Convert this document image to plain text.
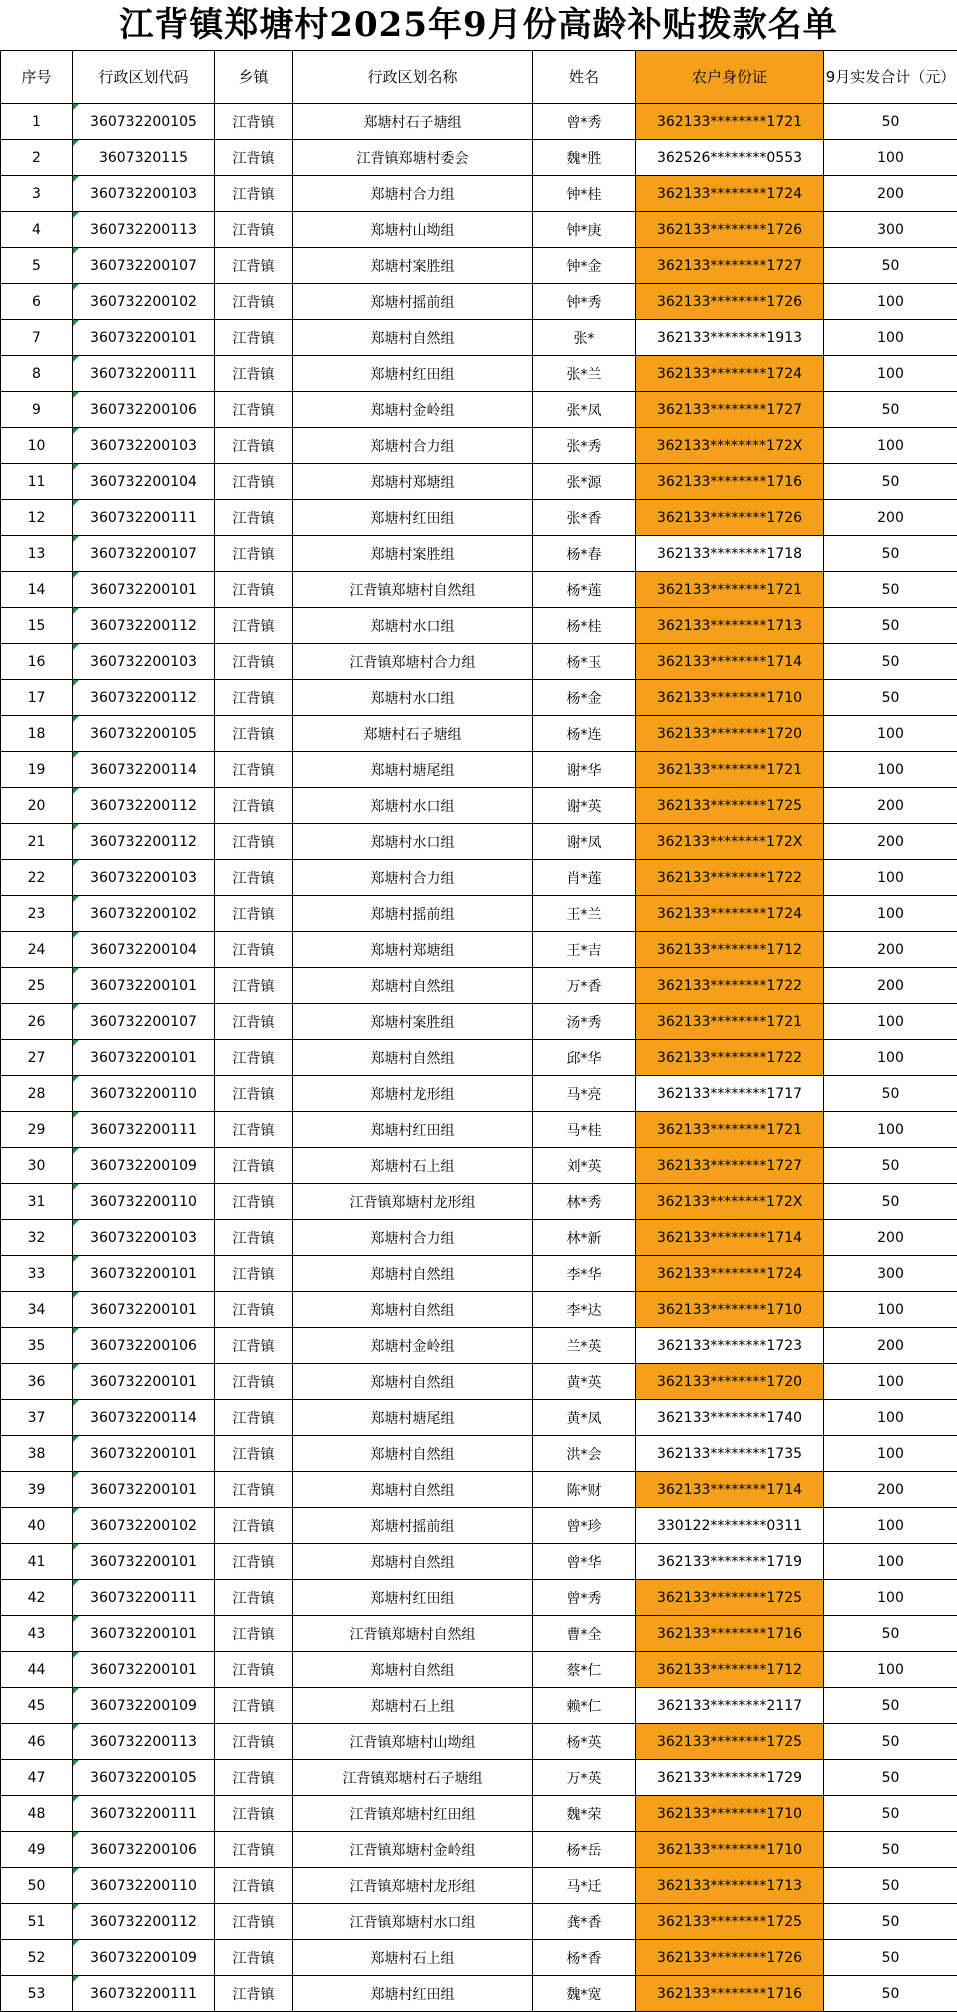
江背镇郑塘村2025年9月份高龄补贴拨款名单
序号	行政区划代码	乡镇	行政区划名称	姓名	农户身份证	9月实发合计（元）
1	360732200105	江背镇	郑塘村石子塘组	曾*秀	362133********1721	50
2	3607320115	江背镇	江背镇郑塘村委会	魏*胜	362526********0553	100
3	360732200103	江背镇	郑塘村合力组	钟*桂	362133********1724	200
4	360732200113	江背镇	郑塘村山坳组	钟*庚	362133********1726	300
5	360732200107	江背镇	郑塘村案胜组	钟*金	362133********1727	50
6	360732200102	江背镇	郑塘村摇前组	钟*秀	362133********1726	100
7	360732200101	江背镇	郑塘村自然组	张*	362133********1913	100
8	360732200111	江背镇	郑塘村红田组	张*兰	362133********1724	100
9	360732200106	江背镇	郑塘村金岭组	张*凤	362133********1727	50
10	360732200103	江背镇	郑塘村合力组	张*秀	362133********172X	100
11	360732200104	江背镇	郑塘村郑塘组	张*源	362133********1716	50
12	360732200111	江背镇	郑塘村红田组	张*香	362133********1726	200
13	360732200107	江背镇	郑塘村案胜组	杨*春	362133********1718	50
14	360732200101	江背镇	江背镇郑塘村自然组	杨*莲	362133********1721	50
15	360732200112	江背镇	郑塘村水口组	杨*桂	362133********1713	50
16	360732200103	江背镇	江背镇郑塘村合力组	杨*玉	362133********1714	50
17	360732200112	江背镇	郑塘村水口组	杨*金	362133********1710	50
18	360732200105	江背镇	郑塘村石子塘组	杨*连	362133********1720	100
19	360732200114	江背镇	郑塘村塘尾组	谢*华	362133********1721	100
20	360732200112	江背镇	郑塘村水口组	谢*英	362133********1725	200
21	360732200112	江背镇	郑塘村水口组	谢*凤	362133********172X	200
22	360732200103	江背镇	郑塘村合力组	肖*莲	362133********1722	100
23	360732200102	江背镇	郑塘村摇前组	王*兰	362133********1724	100
24	360732200104	江背镇	郑塘村郑塘组	王*吉	362133********1712	200
25	360732200101	江背镇	郑塘村自然组	万*香	362133********1722	200
26	360732200107	江背镇	郑塘村案胜组	汤*秀	362133********1721	100
27	360732200101	江背镇	郑塘村自然组	邱*华	362133********1722	100
28	360732200110	江背镇	郑塘村龙形组	马*亮	362133********1717	50
29	360732200111	江背镇	郑塘村红田组	马*桂	362133********1721	100
30	360732200109	江背镇	郑塘村石上组	刘*英	362133********1727	50
31	360732200110	江背镇	江背镇郑塘村龙形组	林*秀	362133********172X	50
32	360732200103	江背镇	郑塘村合力组	林*新	362133********1714	200
33	360732200101	江背镇	郑塘村自然组	李*华	362133********1724	300
34	360732200101	江背镇	郑塘村自然组	李*达	362133********1710	100
35	360732200106	江背镇	郑塘村金岭组	兰*英	362133********1723	200
36	360732200101	江背镇	郑塘村自然组	黄*英	362133********1720	100
37	360732200114	江背镇	郑塘村塘尾组	黄*凤	362133********1740	100
38	360732200101	江背镇	郑塘村自然组	洪*会	362133********1735	100
39	360732200101	江背镇	郑塘村自然组	陈*财	362133********1714	200
40	360732200102	江背镇	郑塘村摇前组	曾*珍	330122********0311	100
41	360732200101	江背镇	郑塘村自然组	曾*华	362133********1719	100
42	360732200111	江背镇	郑塘村红田组	曾*秀	362133********1725	100
43	360732200101	江背镇	江背镇郑塘村自然组	曹*全	362133********1716	50
44	360732200101	江背镇	郑塘村自然组	蔡*仁	362133********1712	100
45	360732200109	江背镇	郑塘村石上组	赖*仁	362133********2117	50
46	360732200113	江背镇	江背镇郑塘村山坳组	杨*英	362133********1725	50
47	360732200105	江背镇	江背镇郑塘村石子塘组	万*英	362133********1729	50
48	360732200111	江背镇	江背镇郑塘村红田组	魏*荣	362133********1710	50
49	360732200106	江背镇	江背镇郑塘村金岭组	杨*岳	362133********1710	50
50	360732200110	江背镇	江背镇郑塘村龙形组	马*迁	362133********1713	50
51	360732200112	江背镇	江背镇郑塘村水口组	龚*香	362133********1725	50
52	360732200109	江背镇	郑塘村石上组	杨*香	362133********1726	50
53	360732200111	江背镇	郑塘村红田组	魏*宽	362133********1716	50
